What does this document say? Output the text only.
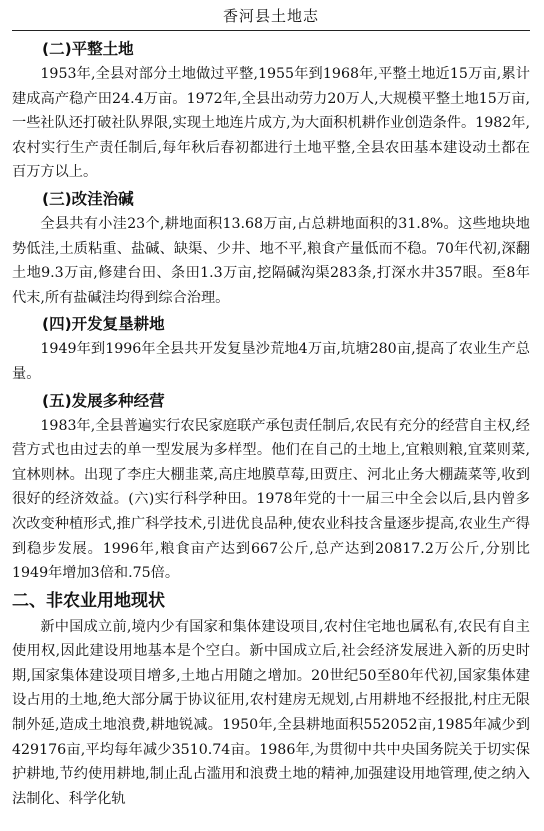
香河县土地志
(二)平整土地

1953年,全县对部分土地做过平整,1955年到1968年,平整土地近15万亩,累计建成高产稳产田24.4万亩。1972年,全县出动劳力20万人,大规模平整土地15万亩,一些社队还打破社队界限,实现土地连片成方,为大面积机耕作业创造条件。1982年,农村实行生产责任制后,每年秋后春初都进行土地平整,全县农田基本建设动土都在百万方以上。

(三)改洼治碱

全县共有小洼23个,耕地面积13.68万亩,占总耕地面积的31.8%。这些地块地势低洼,土质粘重、盐碱、缺渠、少井、地不平,粮食产量低而不稳。70年代初,深翻土地9.3万亩,修建台田、条田1.3万亩,挖隔碱沟渠283条,打深水井357眼。至8年代末,所有盐碱洼均得到综合治理。

(四)开发复垦耕地

1949年到1996年全县共开发复垦沙荒地4万亩,坑塘280亩,提高了农业生产总量。

(五)发展多种经营

1983年,全县普遍实行农民家庭联产承包责任制后,农民有充分的经营自主权,经营方式也由过去的单一型发展为多样型。他们在自己的土地上,宜粮则粮,宜菜则菜,宜林则林。出现了李庄大棚韭菜,高庄地膜草莓,田贾庄、河北止务大棚蔬菜等,收到很好的经济效益。(六)实行科学种田。1978年党的十一届三中全会以后,县内曾多次改变种植形式,推广科学技术,引进优良品种,使农业科技含量逐步提高,农业生产得到稳步发展。1996年,粮食亩产达到667公斤,总产达到20817.2万公斤,分别比1949年增加3倍和.75倍。

二、非农业用地现状

新中国成立前,境内少有国家和集体建设项目,农村住宅地也属私有,农民有自主使用权,因此建设用地基本是个空白。新中国成立后,社会经济发展进入新的历史时期,国家集体建设项目增多,土地占用随之增加。20世纪50至80年代初,国家集体建设占用的土地,绝大部分属于协议征用,农村建房无规划,占用耕地不经报批,村庄无限制外延,造成土地浪费,耕地锐减。1950年,全县耕地面积552052亩,1985年减少到429176亩,平均每年减少3510.74亩。1986年,为贯彻中共中央国务院关于切实保护耕地,节约使用耕地,制止乱占滥用和浪费土地的精神,加强建设用地管理,使之纳入法制化、科学化轨
